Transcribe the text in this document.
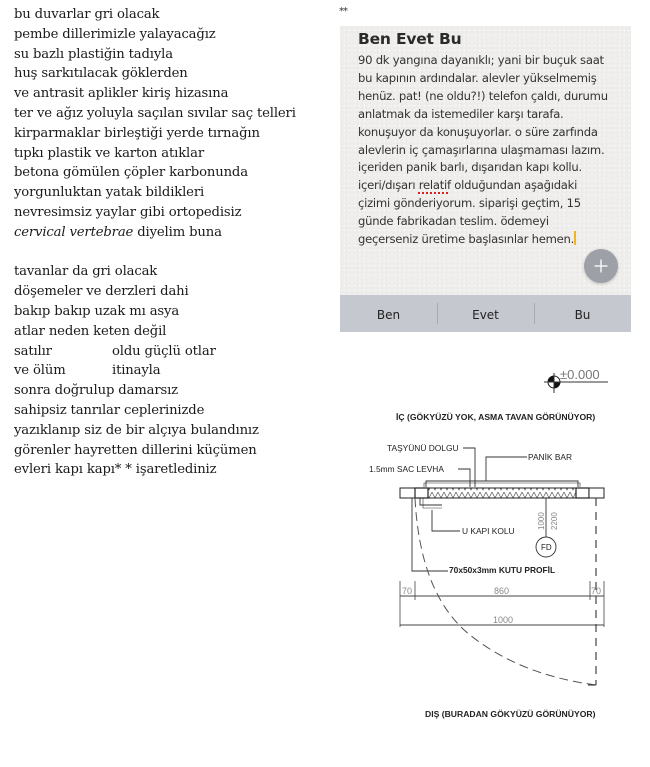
bu duvarlar gri olacak
pembe dillerimizle yalayacağız
su bazlı plastiğin tadıyla
huş sarkıtılacak göklerden
ve antrasit aplikler kiriş hizasına
ter ve ağız yoluyla saçılan sıvılar saç telleri
kirparmaklar birleştiği yerde tırnağın
tıpkı plastik ve karton atıklar
betona gömülen çöpler karbonunda
yorgunluktan yatak bildikleri
nevresimsiz yaylar gibi ortopedisiz
cervical vertebrae diyelim buna
tavanlar da gri olacak
döşemeler ve derzleri dahi
bakıp bakıp uzak mı asya
atlar neden keten değil
satılır	oldu güçlü otlar
ve ölüm	itinayla
sonra doğrulup damarsız
sahipsiz tanrılar ceplerinizde
yazıklanıp siz de bir alçıya bulandınız
görenler hayretten dillerini küçümen
evleri kapı kapı* * işaretlediniz
**
Ben Evet Bu
90 dk yangına dayanıklı; yani bir buçuk saat
bu kapının ardındalar. alevler yükselmemiş
henüz. pat! (ne oldu?!) telefon çaldı, durumu
anlatmak da istemediler karşı tarafa.
konuşuyor da konuşuyorlar. o süre zarfında
alevlerin iç çamaşırlarına ulaşmaması lazım.
içeriden panik barlı, dışarıdan kapı kollu.
içeri/dışarı relatif olduğundan aşağıdaki
çizimi gönderiyorum. siparişi geçtim, 15
günde fabrikadan teslim. ödemeyi
geçerseniz üretime başlasınlar hemen.
Ben	Evet	Bu
±0.000
İÇ (GÖKYÜZÜ YOK, ASMA TAVAN GÖRÜNÜYOR)
TAŞYÜNÜ DOLGU
PANİK BAR
1.5mm SAC LEVHA
U KAPI KOLU
1000 2200
FD
70x50x3mm KUTU PROFİL
70	860	70
1000
DIŞ (BURADAN GÖKYÜZÜ GÖRÜNÜYOR)
